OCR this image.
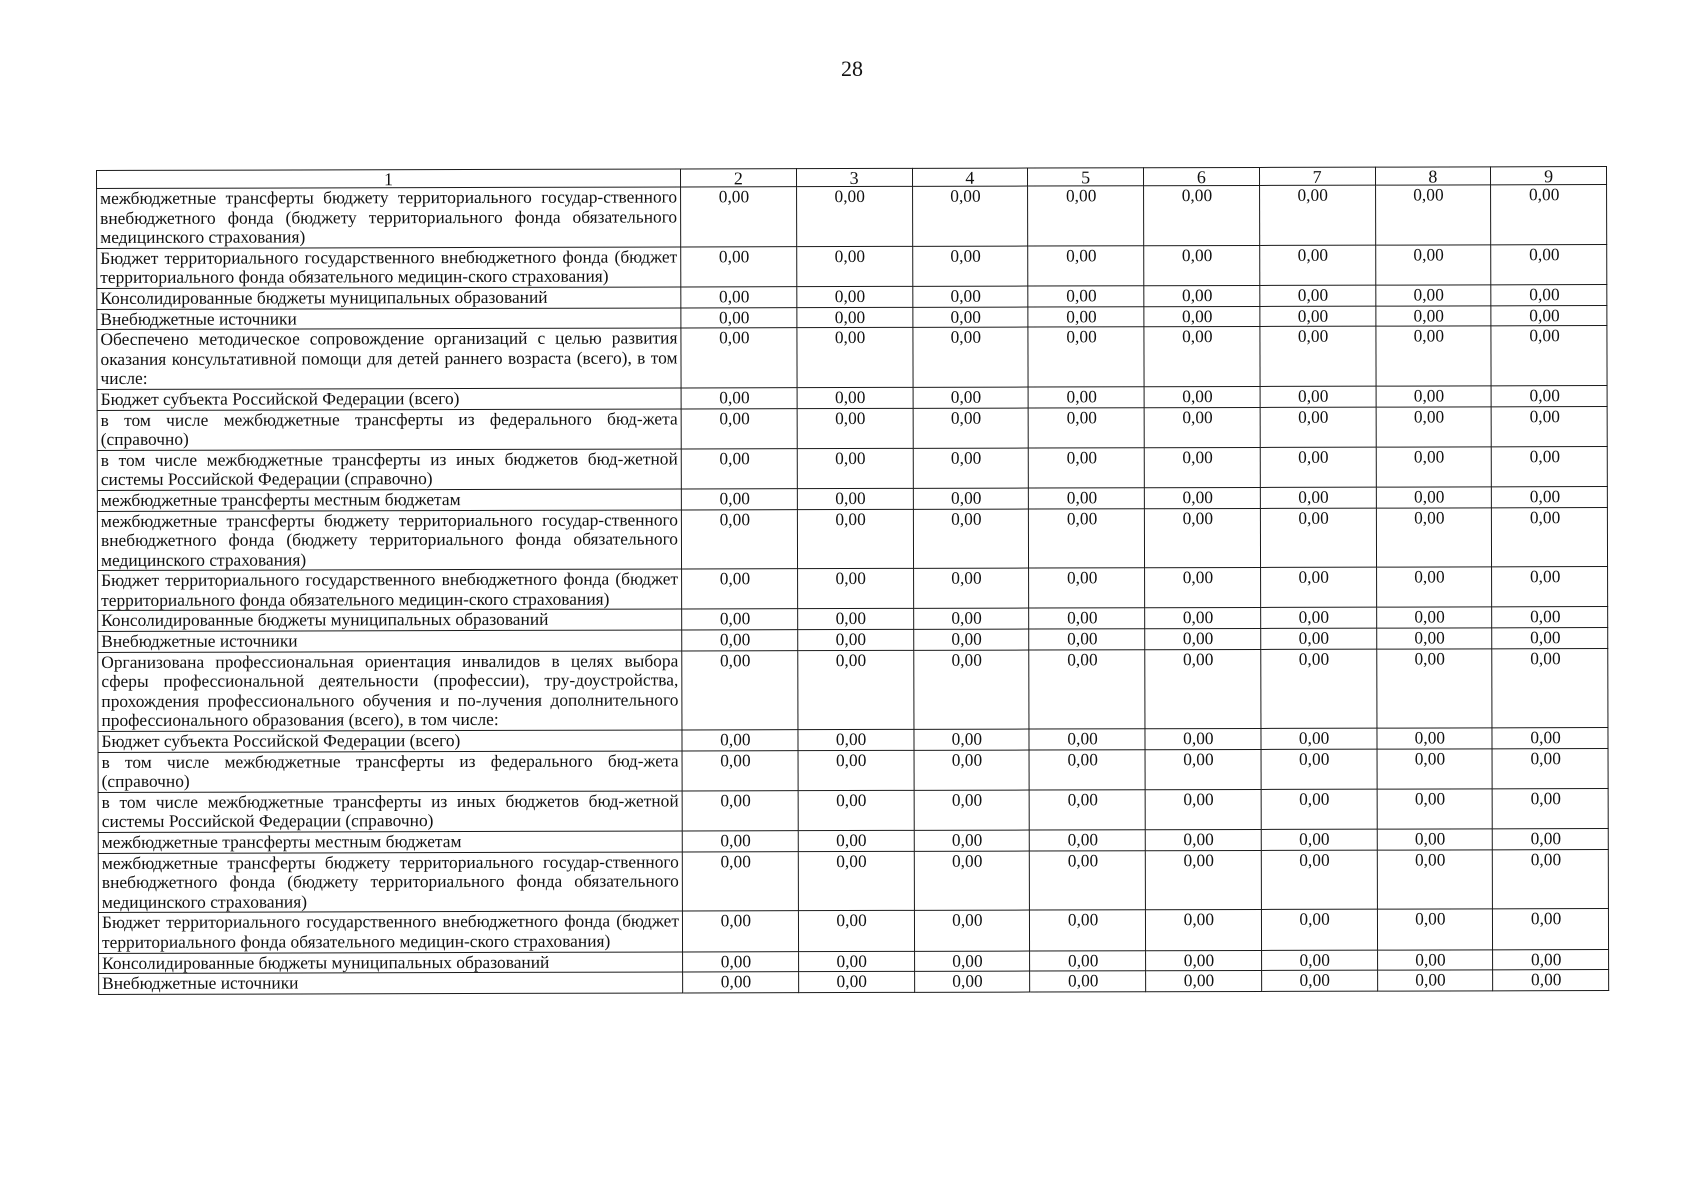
28
1	2	3	4	5	6	7	8	9
межбюджетные трансферты бюджету территориального государ-ственного внебюджетного фонда (бюджету территориального фонда обязательного медицинского страхования)	0,00	0,00	0,00	0,00	0,00	0,00	0,00	0,00
Бюджет территориального государственного внебюджетного фонда (бюджет территориального фонда обязательного медицин-ского страхования)	0,00	0,00	0,00	0,00	0,00	0,00	0,00	0,00
Консолидированные бюджеты муниципальных образований	0,00	0,00	0,00	0,00	0,00	0,00	0,00	0,00
Внебюджетные источники	0,00	0,00	0,00	0,00	0,00	0,00	0,00	0,00
Обеспечено методическое сопровождение организаций с целью развития оказания консультативной помощи для детей раннего возраста (всего), в том числе:	0,00	0,00	0,00	0,00	0,00	0,00	0,00	0,00
Бюджет субъекта Российской Федерации (всего)	0,00	0,00	0,00	0,00	0,00	0,00	0,00	0,00
в том числе межбюджетные трансферты из федерального бюд-жета (справочно)	0,00	0,00	0,00	0,00	0,00	0,00	0,00	0,00
в том числе межбюджетные трансферты из иных бюджетов бюд-жетной системы Российской Федерации (справочно)	0,00	0,00	0,00	0,00	0,00	0,00	0,00	0,00
межбюджетные трансферты местным бюджетам	0,00	0,00	0,00	0,00	0,00	0,00	0,00	0,00
межбюджетные трансферты бюджету территориального государ-ственного внебюджетного фонда (бюджету территориального фонда обязательного медицинского страхования)	0,00	0,00	0,00	0,00	0,00	0,00	0,00	0,00
Бюджет территориального государственного внебюджетного фонда (бюджет территориального фонда обязательного медицин-ского страхования)	0,00	0,00	0,00	0,00	0,00	0,00	0,00	0,00
Консолидированные бюджеты муниципальных образований	0,00	0,00	0,00	0,00	0,00	0,00	0,00	0,00
Внебюджетные источники	0,00	0,00	0,00	0,00	0,00	0,00	0,00	0,00
Организована профессиональная ориентация инвалидов в целях выбора сферы профессиональной деятельности (профессии), тру-доустройства, прохождения профессионального обучения и по-лучения дополнительного профессионального образования (всего), в том числе:	0,00	0,00	0,00	0,00	0,00	0,00	0,00	0,00
Бюджет субъекта Российской Федерации (всего)	0,00	0,00	0,00	0,00	0,00	0,00	0,00	0,00
в том числе межбюджетные трансферты из федерального бюд-жета (справочно)	0,00	0,00	0,00	0,00	0,00	0,00	0,00	0,00
в том числе межбюджетные трансферты из иных бюджетов бюд-жетной системы Российской Федерации (справочно)	0,00	0,00	0,00	0,00	0,00	0,00	0,00	0,00
межбюджетные трансферты местным бюджетам	0,00	0,00	0,00	0,00	0,00	0,00	0,00	0,00
межбюджетные трансферты бюджету территориального государ-ственного внебюджетного фонда (бюджету территориального фонда обязательного медицинского страхования)	0,00	0,00	0,00	0,00	0,00	0,00	0,00	0,00
Бюджет территориального государственного внебюджетного фонда (бюджет территориального фонда обязательного медицин-ского страхования)	0,00	0,00	0,00	0,00	0,00	0,00	0,00	0,00
Консолидированные бюджеты муниципальных образований	0,00	0,00	0,00	0,00	0,00	0,00	0,00	0,00
Внебюджетные источники	0,00	0,00	0,00	0,00	0,00	0,00	0,00	0,00
